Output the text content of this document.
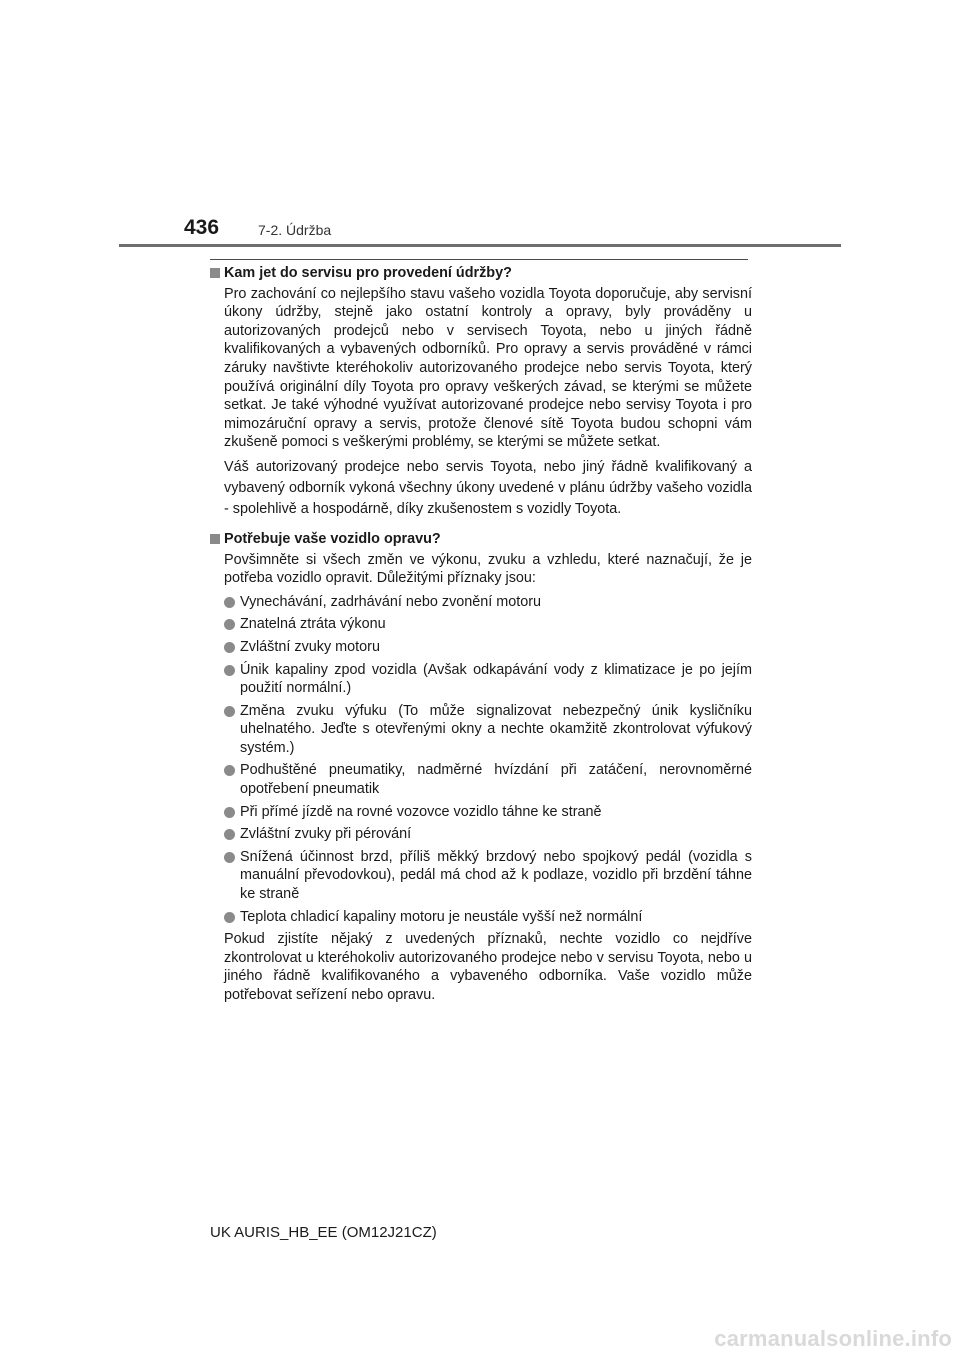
436	7-2. Údržba

Kam jet do servisu pro provedení údržby?

Pro zachování co nejlepšího stavu vašeho vozidla Toyota doporučuje, aby servisní úkony údržby, stejně jako ostatní kontroly a opravy, byly prováděny u autorizovaných prodejců nebo v servisech Toyota, nebo u jiných řádně kvalifikovaných a vybavených odborníků. Pro opravy a servis prováděné v rámci záruky navštivte kteréhokoliv autorizovaného prodejce nebo servis Toyota, který používá originální díly Toyota pro opravy veškerých závad, se kterými se můžete setkat. Je také výhodné využívat autorizované prodejce nebo servisy Toyota i pro mimozáruční opravy a servis, protože členové sítě Toyota budou schopni vám zkušeně pomoci s veškerými problémy, se kterými se můžete setkat.

Váš autorizovaný prodejce nebo servis Toyota, nebo jiný řádně kvalifikovaný a vybavený odborník vykoná všechny úkony uvedené v plánu údržby vašeho vozidla - spolehlivě a hospodárně, díky zkušenostem s vozidly Toyota.

Potřebuje vaše vozidlo opravu?

Povšimněte si všech změn ve výkonu, zvuku a vzhledu, které naznačují, že je potřeba vozidlo opravit. Důležitými příznaky jsou:

Vynechávání, zadrhávání nebo zvonění motoru
Znatelná ztráta výkonu
Zvláštní zvuky motoru
Únik kapaliny zpod vozidla (Avšak odkapávání vody z klimatizace je po jejím použití normální.)
Změna zvuku výfuku (To může signalizovat nebezpečný únik kysličníku uhelnatého. Jeďte s otevřenými okny a nechte okamžitě zkontrolovat výfukový systém.)
Podhuštěné pneumatiky, nadměrné hvízdání při zatáčení, nerovnoměrné opotřebení pneumatik
Při přímé jízdě na rovné vozovce vozidlo táhne ke straně
Zvláštní zvuky při pérování
Snížená účinnost brzd, příliš měkký brzdový nebo spojkový pedál (vozidla s manuální převodovkou), pedál má chod až k podlaze, vozidlo při brzdění táhne ke straně
Teplota chladicí kapaliny motoru je neustále vyšší než normální

Pokud zjistíte nějaký z uvedených příznaků, nechte vozidlo co nejdříve zkontrolovat u kteréhokoliv autorizovaného prodejce nebo v servisu Toyota, nebo u jiného řádně kvalifikovaného a vybaveného odborníka. Vaše vozidlo může potřebovat seřízení nebo opravu.

UK AURIS_HB_EE (OM12J21CZ)
carmanualsonline.info
